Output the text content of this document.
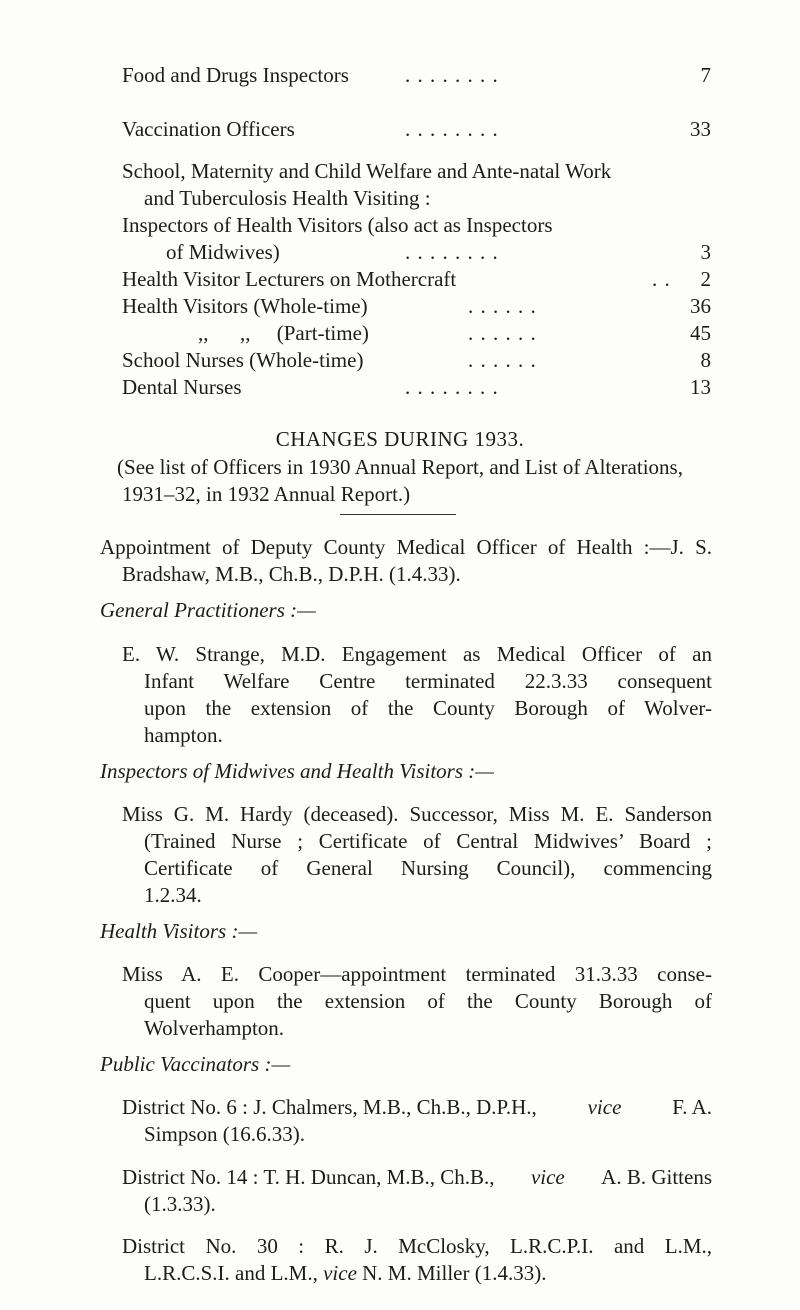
Food and Drugs Inspectors	. . . . . . . .	7
Vaccination Officers	. . . . . . . .	33
School, Maternity and Child Welfare and Ante-natal Work
and Tuberculosis Health Visiting :
Inspectors of Health Visitors (also act as Inspectors
of Midwives)	. . . . . . . .	3
Health Visitor Lecturers on Mothercraft	. .	2
Health Visitors (Whole-time)	. . . . . .	36
,,      ,,     (Part-time)	. . . . . .	45
School Nurses (Whole-time)	. . . . . .	8
Dental Nurses	. . . . . . . .	13
CHANGES DURING 1933.
(See list of Officers in 1930 Annual Report, and List of Alterations,
1931–32, in 1932 Annual Report.)
Appointment of Deputy County Medical Officer of Health :—J. S.
Bradshaw, M.B., Ch.B., D.P.H. (1.4.33).
General Practitioners :—
E. W. Strange, M.D. Engagement as Medical Officer of an
Infant Welfare Centre terminated 22.3.33 consequent
upon the extension of the County Borough of Wolver-
hampton.
Inspectors of Midwives and Health Visitors :—
Miss G. M. Hardy (deceased). Successor, Miss M. E. Sanderson
(Trained Nurse ; Certificate of Central Midwives’ Board ;
Certificate of General Nursing Council), commencing
1.2.34.
Health Visitors :—
Miss A. E. Cooper—appointment terminated 31.3.33 conse-
quent upon the extension of the County Borough of
Wolverhampton.
Public Vaccinators :—
District No. 6 : J. Chalmers, M.B., Ch.B., D.P.H., vice F. A.
Simpson (16.6.33).
District No. 14 : T. H. Duncan, M.B., Ch.B., vice A. B. Gittens
(1.3.33).
District No. 30 : R. J. McClosky, L.R.C.P.I. and L.M.,
L.R.C.S.I. and L.M., vice N. M. Miller (1.4.33).
